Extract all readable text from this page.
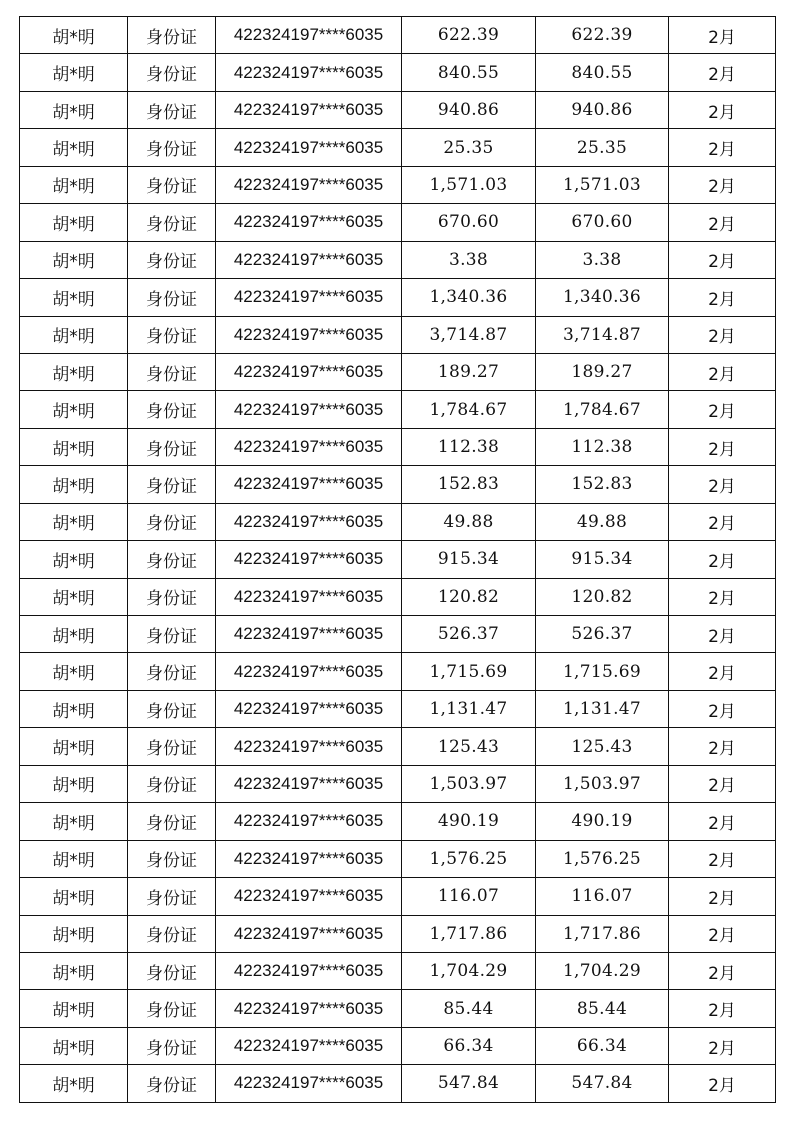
胡*明	身份证	422324197****6035	622.39	622.39	2月
胡*明	身份证	422324197****6035	840.55	840.55	2月
胡*明	身份证	422324197****6035	940.86	940.86	2月
胡*明	身份证	422324197****6035	25.35	25.35	2月
胡*明	身份证	422324197****6035	1,571.03	1,571.03	2月
胡*明	身份证	422324197****6035	670.60	670.60	2月
胡*明	身份证	422324197****6035	3.38	3.38	2月
胡*明	身份证	422324197****6035	1,340.36	1,340.36	2月
胡*明	身份证	422324197****6035	3,714.87	3,714.87	2月
胡*明	身份证	422324197****6035	189.27	189.27	2月
胡*明	身份证	422324197****6035	1,784.67	1,784.67	2月
胡*明	身份证	422324197****6035	112.38	112.38	2月
胡*明	身份证	422324197****6035	152.83	152.83	2月
胡*明	身份证	422324197****6035	49.88	49.88	2月
胡*明	身份证	422324197****6035	915.34	915.34	2月
胡*明	身份证	422324197****6035	120.82	120.82	2月
胡*明	身份证	422324197****6035	526.37	526.37	2月
胡*明	身份证	422324197****6035	1,715.69	1,715.69	2月
胡*明	身份证	422324197****6035	1,131.47	1,131.47	2月
胡*明	身份证	422324197****6035	125.43	125.43	2月
胡*明	身份证	422324197****6035	1,503.97	1,503.97	2月
胡*明	身份证	422324197****6035	490.19	490.19	2月
胡*明	身份证	422324197****6035	1,576.25	1,576.25	2月
胡*明	身份证	422324197****6035	116.07	116.07	2月
胡*明	身份证	422324197****6035	1,717.86	1,717.86	2月
胡*明	身份证	422324197****6035	1,704.29	1,704.29	2月
胡*明	身份证	422324197****6035	85.44	85.44	2月
胡*明	身份证	422324197****6035	66.34	66.34	2月
胡*明	身份证	422324197****6035	547.84	547.84	2月
